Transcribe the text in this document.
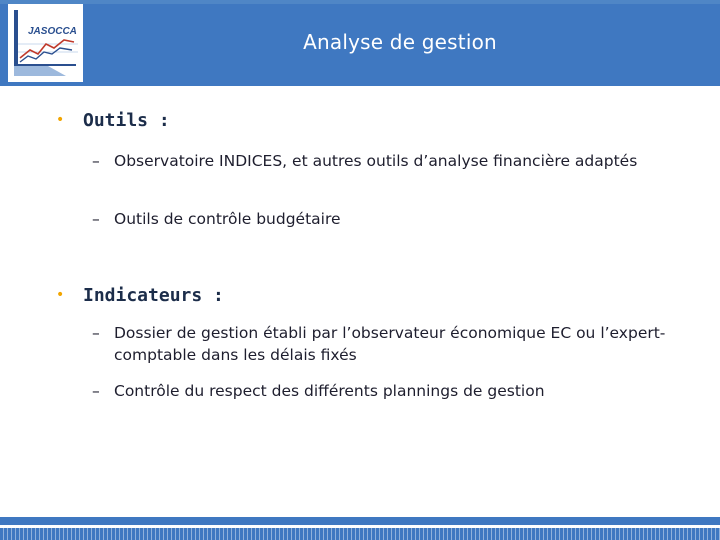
JASOCCA	Analyse de gestion
• Outils :
– Observatoire INDICES, et autres outils d’analyse financière adaptés
– Outils de contrôle budgétaire
• Indicateurs :
– Dossier de gestion établi par l’observateur économique EC ou l’expert-comptable dans les délais fixés
– Contrôle du respect des différents plannings de gestion
